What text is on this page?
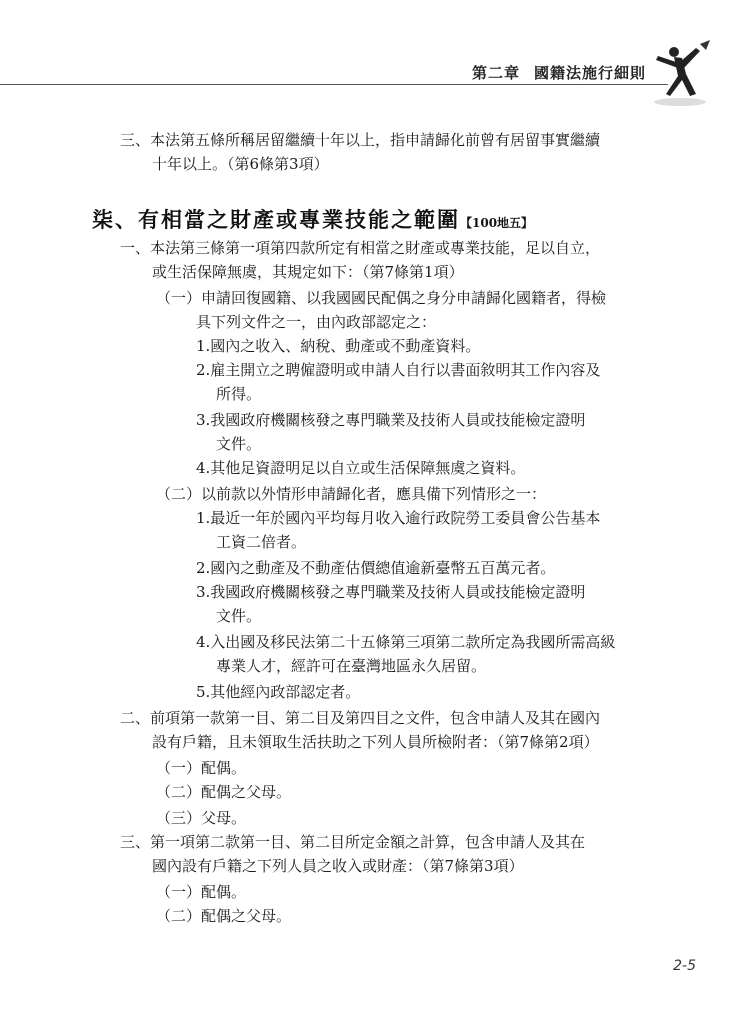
第二章 國籍法施行細則
三、本法第五條所稱居留繼續十年以上，指申請歸化前曾有居留事實繼續
十年以上。（第6條第3項）
柒、有相當之財產或專業技能之範圍【100地五】
一、本法第三條第一項第四款所定有相當之財產或專業技能，足以自立，
或生活保障無虞，其規定如下：（第7條第1項）
（一）申請回復國籍、以我國國民配偶之身分申請歸化國籍者，得檢
具下列文件之一，由內政部認定之：
1.國內之收入、納稅、動產或不動產資料。
2.雇主開立之聘僱證明或申請人自行以書面敘明其工作內容及
所得。
3.我國政府機關核發之專門職業及技術人員或技能檢定證明
文件。
4.其他足資證明足以自立或生活保障無虞之資料。
（二）以前款以外情形申請歸化者，應具備下列情形之一：
1.最近一年於國內平均每月收入逾行政院勞工委員會公告基本
工資二倍者。
2.國內之動產及不動產估價總值逾新臺幣五百萬元者。
3.我國政府機關核發之專門職業及技術人員或技能檢定證明
文件。
4.入出國及移民法第二十五條第三項第二款所定為我國所需高級
專業人才，經許可在臺灣地區永久居留。
5.其他經內政部認定者。
二、前項第一款第一目、第二目及第四目之文件，包含申請人及其在國內
設有戶籍，且未領取生活扶助之下列人員所檢附者：（第7條第2項）
（一）配偶。
（二）配偶之父母。
（三）父母。
三、第一項第二款第一目、第二目所定金額之計算，包含申請人及其在
國內設有戶籍之下列人員之收入或財產：（第7條第3項）
（一）配偶。
（二）配偶之父母。
2-5
